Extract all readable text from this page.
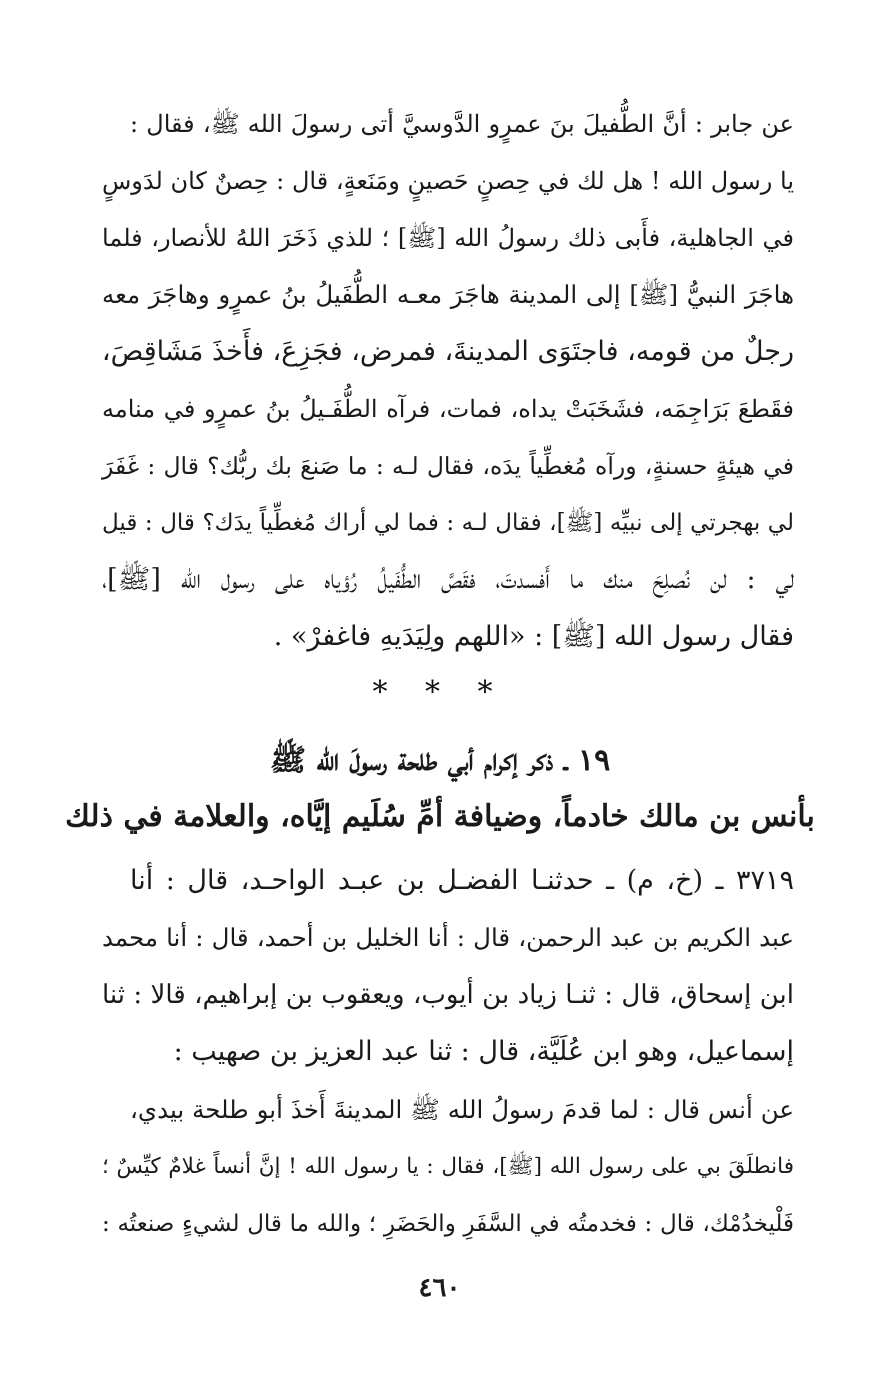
عن جابر : أنَّ الطُّفيلَ بنَ عمرٍو الدَّوسيَّ أتى رسولَ الله ﷺ، فقال :
يا رسول الله ! هل لك في حِصنٍ حَصينٍ ومَنَعةٍ، قال : حِصنٌ كان لدَوسٍ
في الجاهلية، فأَبى ذلك رسولُ الله [ﷺ] ؛ للذي ذَخَرَ اللهُ للأنصار، فلما
هاجَرَ النبيُّ [ﷺ] إلى المدينة هاجَرَ معـه الطُّفَيلُ بنُ عمرٍو وهاجَرَ معه
رجلٌ من قومه، فاجتَوَى المدينةَ، فمرض، فجَزِعَ، فأَخذَ مَشَاقِصَ،
فقَطعَ بَرَاجِمَه، فشَخَبَتْ يداه، فمات، فرآه الطُّفَـيلُ بنُ عمرٍو في منامه
في هيئةٍ حسنةٍ، ورآه مُغطِّياً يدَه، فقال لـه : ما صَنعَ بك ربُّك؟ قال : غَفَرَ
لي بهجرتي إلى نبيِّه [ﷺ]، فقال لـه : فما لي أراك مُغطِّياً يدَك؟ قال : قيل
لي : لن نُصلِحَ منك ما أَفسدتَ، فقَصَّ الطُّفَيلُ رُؤياه على رسول الله [ﷺ]،
فقال رسول الله [ﷺ] : «اللهم ولِيَدَيهِ فاغفرْ» .
* * *
١٩ ـ ذكر إكرام أبي طلحة رسولَ الله ﷺ
بأنس بن مالك خادماً، وضيافة أمِّ سُلَيم إيَّاه، والعلامة في ذلك
٣٧١٩ ـ (خ، م) ـ حدثنـا الفضـل بن عبـد الواحـد، قال : أنا
عبد الكريم بن عبد الرحمن، قال : أنا الخليل بن أحمد، قال : أنا محمد
ابن إسحاق، قال : ثنـا زياد بن أيوب، ويعقوب بن إبراهيم، قالا : ثنا
إسماعيل، وهو ابن عُلَيَّة، قال : ثنا عبد العزيز بن صهيب :
عن أنس قال : لما قدمَ رسولُ الله ﷺ المدينةَ أَخذَ أبو طلحة بيدي،
فانطلَقَ بي على رسول الله [ﷺ]، فقال : يا رسول الله ! إنَّ أنساً غلامٌ كيِّسٌ ؛
فَلْيخدُمْك، قال : فخدمتُه في السَّفَرِ والحَضَرِ ؛ والله ما قال لشيءٍ صنعتُه :
٤٦٠
